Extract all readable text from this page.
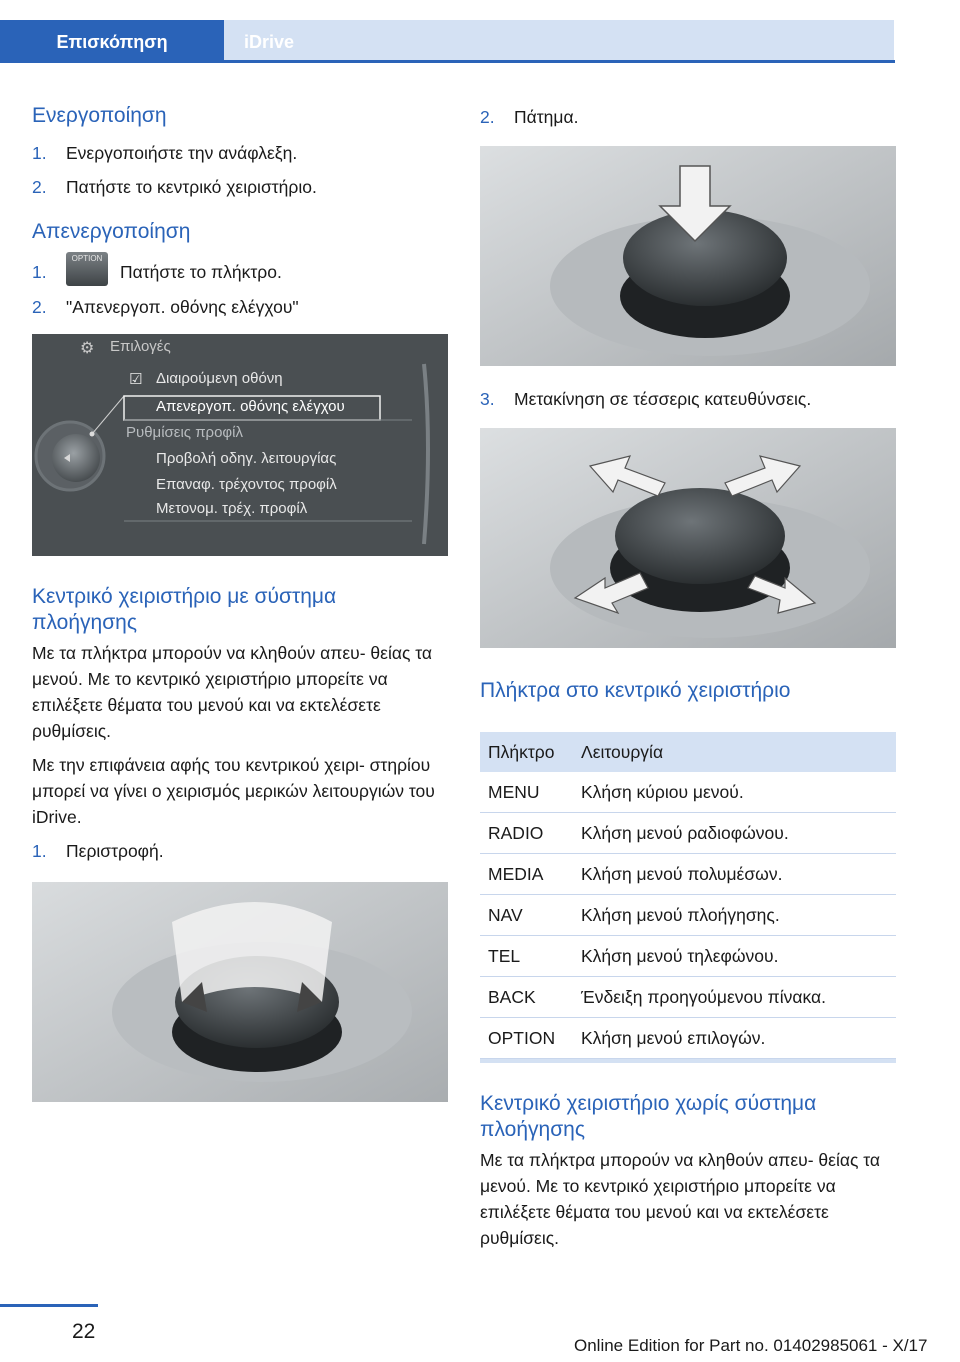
Επισκόπηση	iDrive
Ενεργοποίηση
1.	Ενεργοποιήστε την ανάφλεξη.
2.	Πατήστε το κεντρικό χειριστήριο.
Απενεργοποίηση
1.
OPTION
Πατήστε το πλήκτρο.
2.	"Απενεργοπ. οθόνης ελέγχου"
⚙ Επιλογές
☑ Διαιρούμενη οθόνη
Απενεργοπ. οθόνης ελέγχου
Ρυθμίσεις προφίλ
Προβολή οδηγ. λειτουργίας
Επαναφ. τρέχοντος προφίλ
Μετονομ. τρέχ. προφίλ
Κεντρικό χειριστήριο με σύστημα πλοήγησης

Με τα πλήκτρα μπορούν να κληθούν απευ‐ θείας τα μενού. Με το κεντρικό χειριστήριο μπορείτε να επιλέξετε θέματα του μενού και να εκτελέσετε ρυθμίσεις.

Με την επιφάνεια αφής του κεντρικού χειρι‐ στηρίου μπορεί να γίνει ο χειρισμός μερικών λειτουργιών του iDrive.

1.	Περιστροφή.
2.	Πάτημα.
3.	Μετακίνηση σε τέσσερις κατευθύνσεις.
Πλήκτρα στο κεντρικό χειριστήριο
Πλήκτρο	Λειτουργία
MENU	Κλήση κύριου μενού.
RADIO	Κλήση μενού ραδιοφώνου.
MEDIA	Κλήση μενού πολυμέσων.
NAV	Κλήση μενού πλοήγησης.
TEL	Κλήση μενού τηλεφώνου.
BACK	Ένδειξη προηγούμενου πίνακα.
OPTION	Κλήση μενού επιλογών.
Κεντρικό χειριστήριο χωρίς σύστημα πλοήγησης

Με τα πλήκτρα μπορούν να κληθούν απευ‐ θείας τα μενού. Με το κεντρικό χειριστήριο μπορείτε να επιλέξετε θέματα του μενού και να εκτελέσετε ρυθμίσεις.

22
Online Edition for Part no. 01402985061 - X/17
